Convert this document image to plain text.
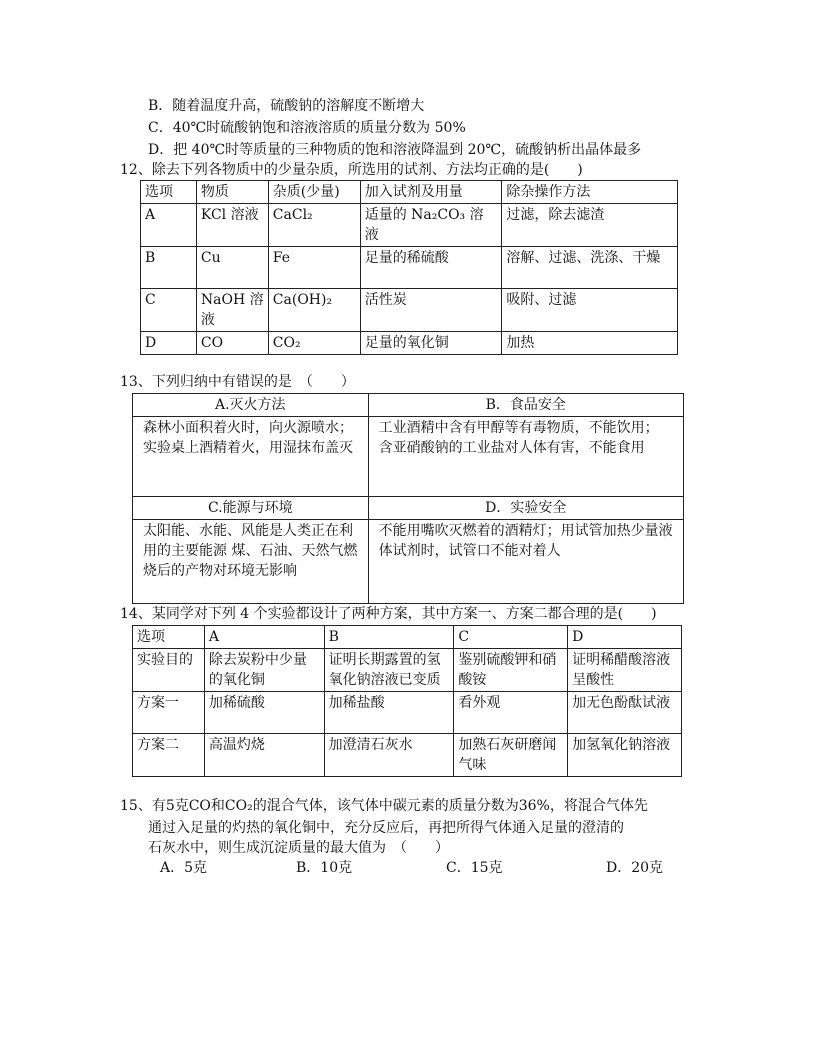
B．随着温度升高，硫酸钠的溶解度不断增大
C．40℃时硫酸钠饱和溶液溶质的质量分数为 50%
D．把 40℃时等质量的三种物质的饱和溶液降温到 20℃，硫酸钠析出晶体最多
12、除去下列各物质中的少量杂质，所选用的试剂、方法均正确的是(　　)
选项	物质	杂质(少量)	加入试剂及用量	除杂操作方法
A	KCl 溶液	CaCl₂	适量的 Na₂CO₃ 溶液	过滤，除去滤渣
B	Cu	Fe	足量的稀硫酸	溶解、过滤、洗涤、干燥
C	NaOH 溶液	Ca(OH)₂	活性炭	吸附、过滤
D	CO	CO₂	足量的氧化铜	加热
13、下列归纳中有错误的是　（　　）
A.灭火方法	B．食品安全
森林小面积着火时，向火源喷水；实验桌上酒精着火，用湿抹布盖灭	工业酒精中含有甲醇等有毒物质，不能饮用；
含亚硝酸钠的工业盐对人体有害，不能食用

C.能源与环境	D．实验安全
太阳能、水能、风能是人类正在利用的主要能源 煤、石油、天然气燃烧后的产物对环境无影响	不能用嘴吹灭燃着的酒精灯；用试管加热少量液体试剂时，试管口不能对着人
14、某同学对下列 4 个实验都设计了两种方案，其中方案一、方案二都合理的是(　　)
选项	A	B	C	D
实验目的	除去炭粉中少量的氧化铜	证明长期露置的氢氧化钠溶液已变质	鉴别硫酸钾和硝酸铵	证明稀醋酸溶液呈酸性
方案一	加稀硫酸	加稀盐酸	看外观	加无色酚酞试液
方案二	高温灼烧	加澄清石灰水	加熟石灰研磨闻气味	加氢氧化钠溶液
15、有5克CO和CO₂的混合气体，该气体中碳元素的质量分数为36%，将混合气体先
通过入足量的灼热的氧化铜中，充分反应后，再把所得气体通入足量的澄清的
石灰水中，则生成沉淀质量的最大值为　（　　）
A．5克	B．10克	C．15克	D．20克
